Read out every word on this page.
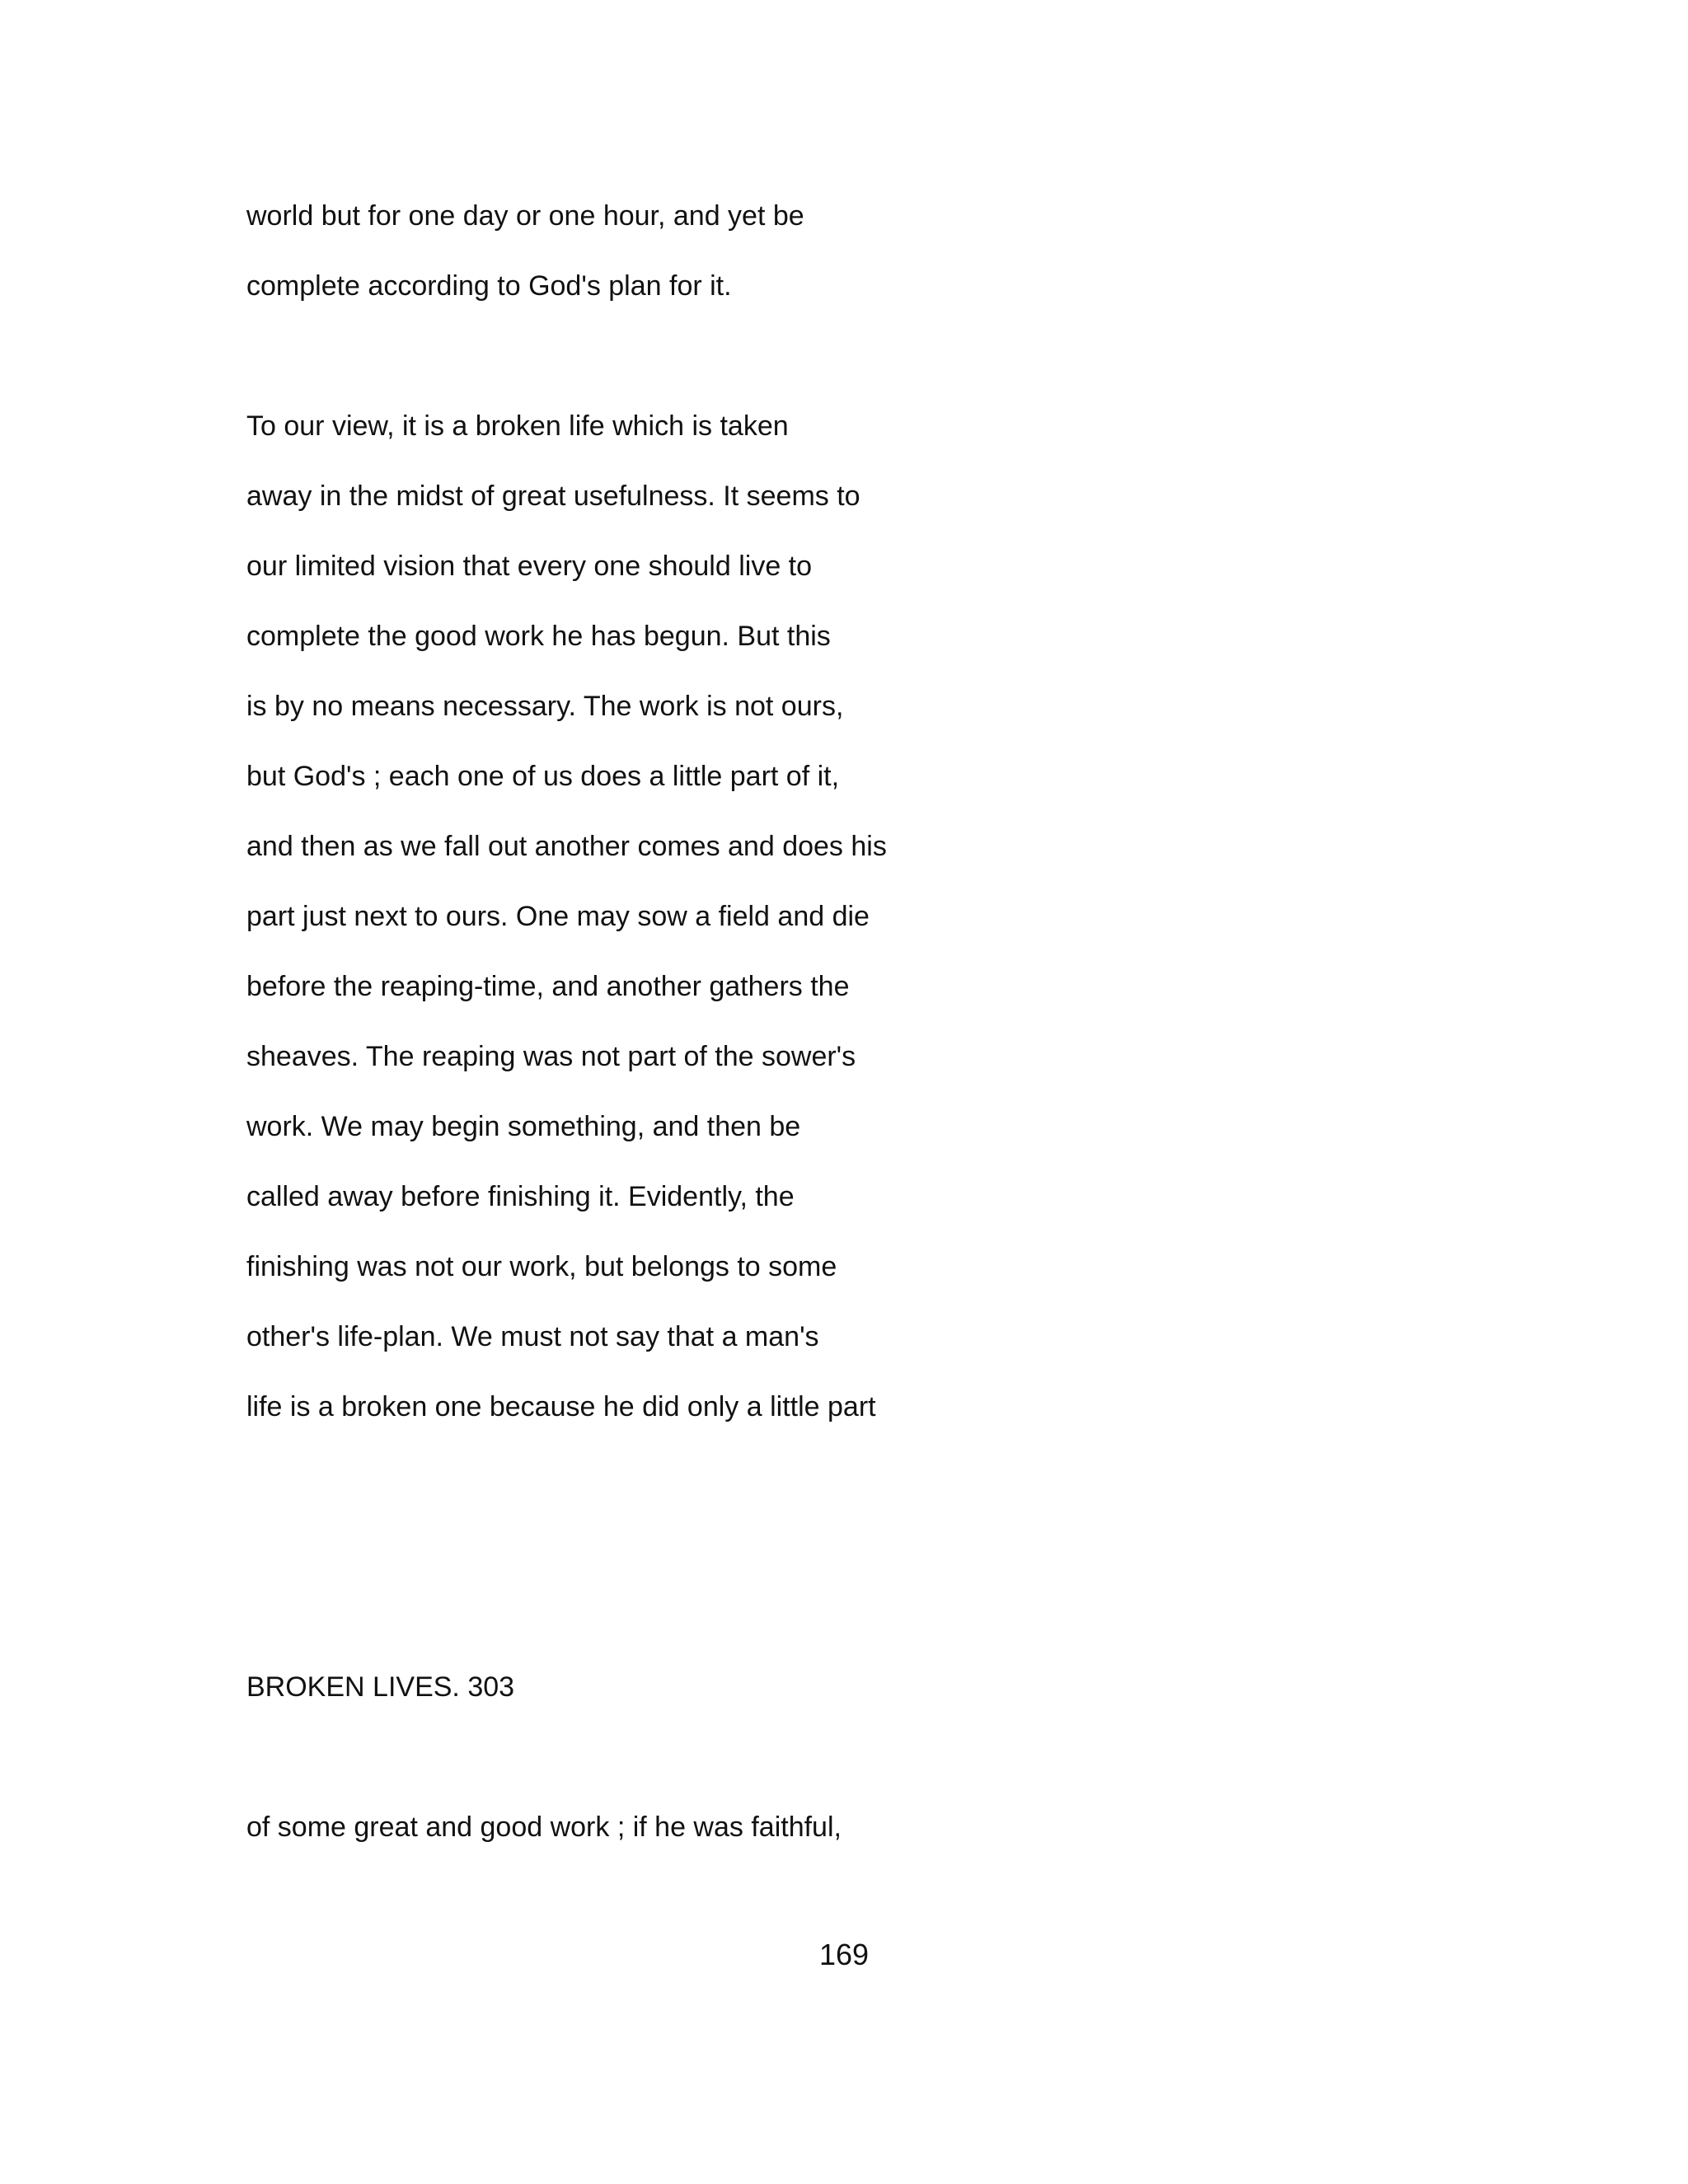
world but for one day or one hour, and yet be
complete according to God's plan for it.
To our view, it is a broken life which is taken
away in the midst of great usefulness. It seems to
our limited vision that every one should live to
complete the good work he has begun. But this
is by no means necessary. The work is not ours,
but God's ; each one of us does a little part of it,
and then as we fall out another comes and does his
part just next to ours. One may sow a field and die
before the reaping-time, and another gathers the
sheaves. The reaping was not part of the sower's
work. We may begin something, and then be
called away before finishing it. Evidently, the
finishing was not our work, but belongs to some
other's life-plan. We must not say that a man's
life is a broken one because he did only a little part
BROKEN LIVES. 303
of some great and good work ; if he was faithful,
169
